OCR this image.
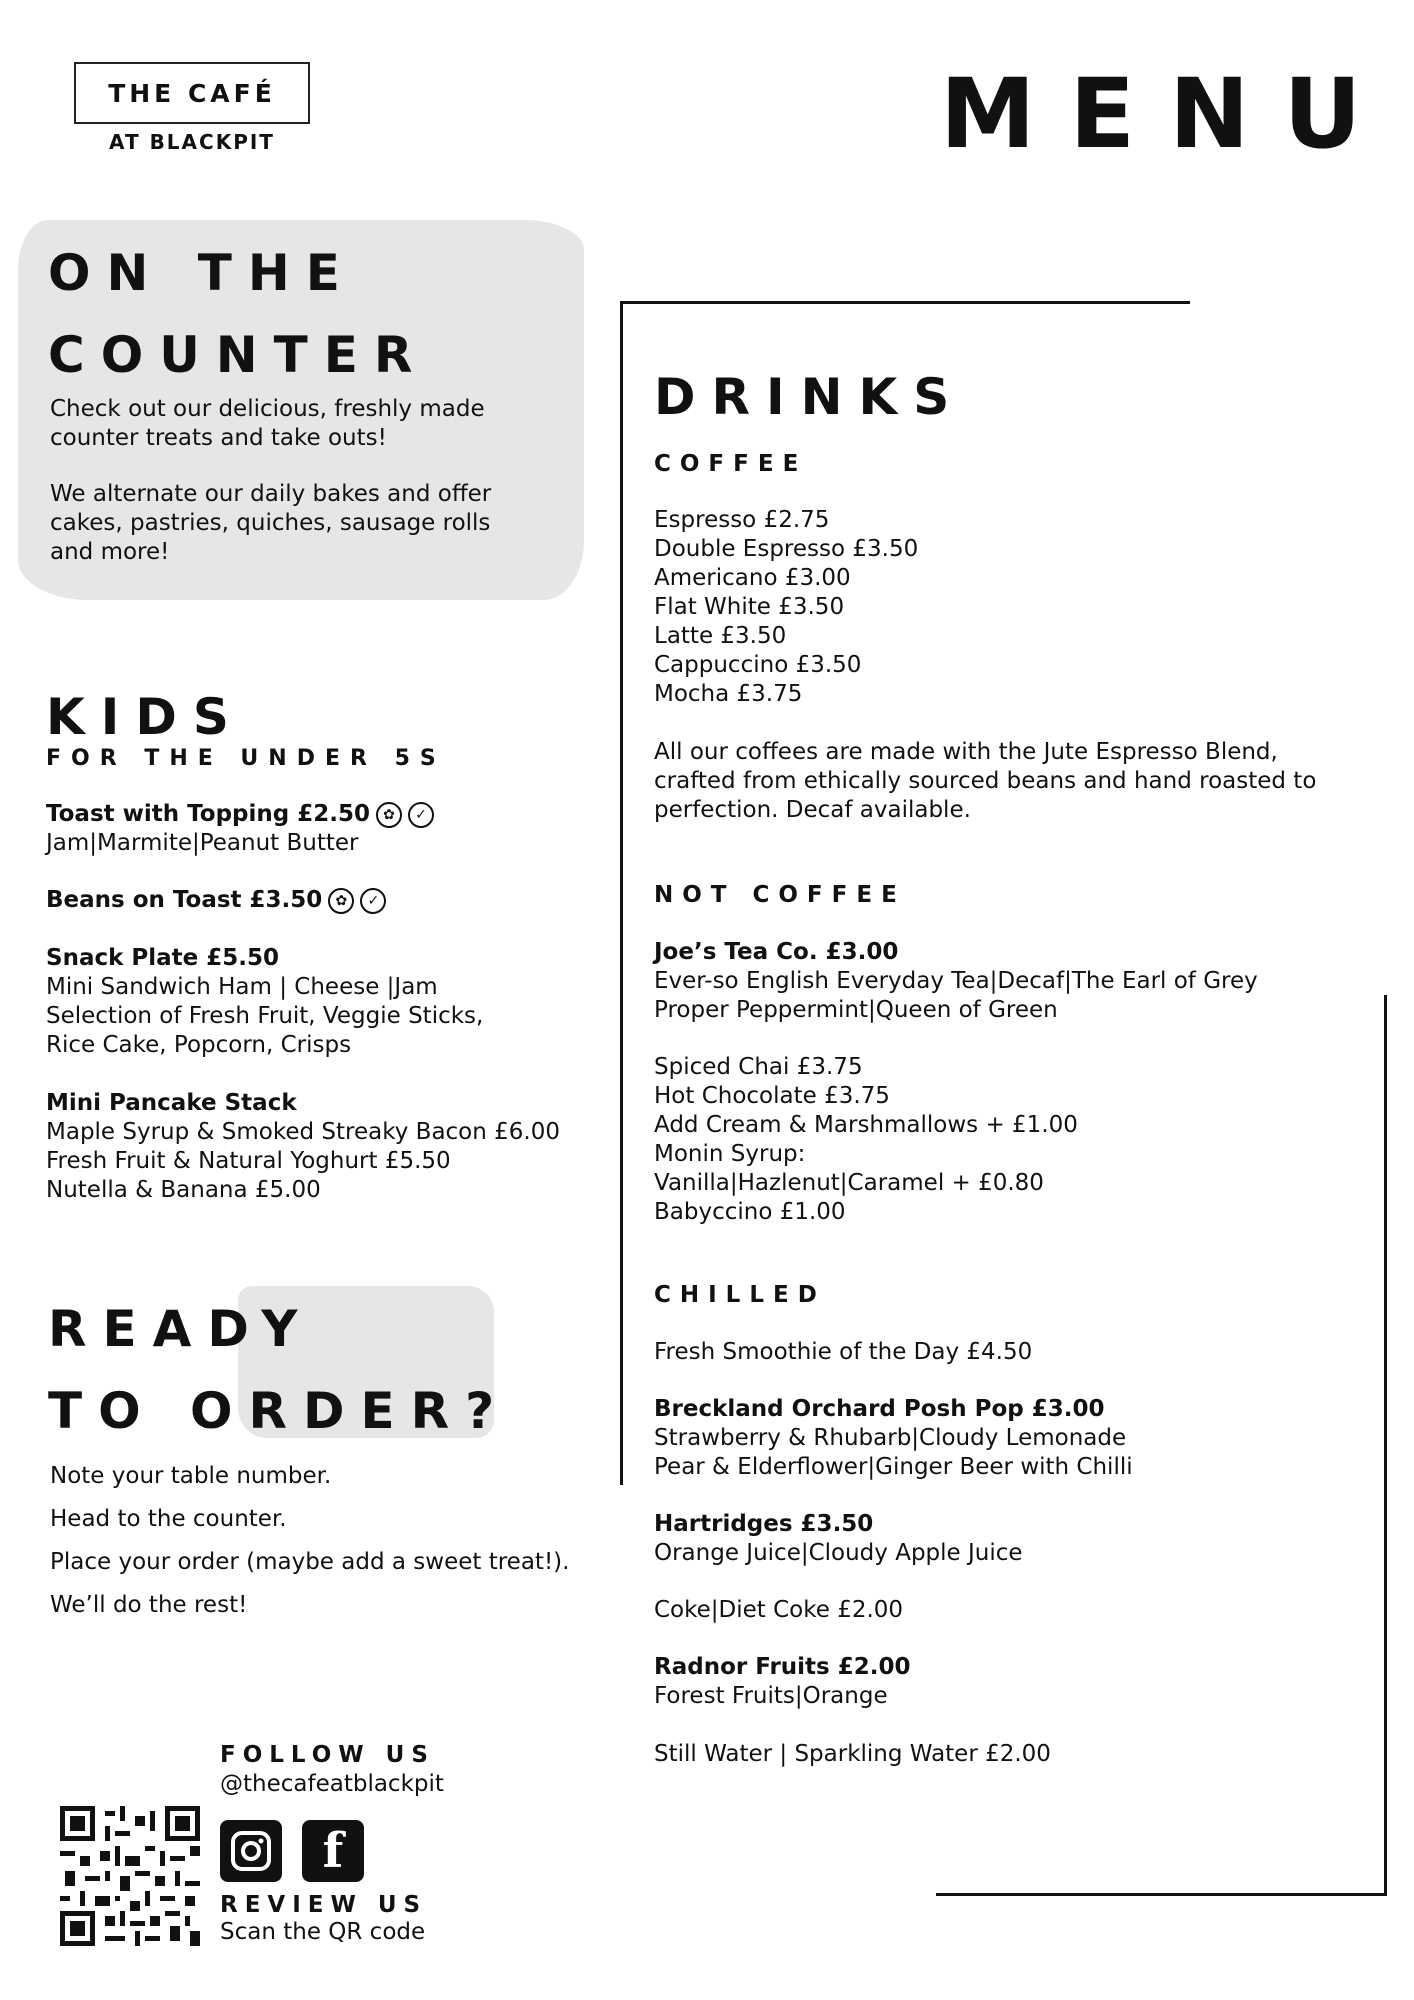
THE CAFÉ
AT BLACKPIT	MENU
ON THE
COUNTER
Check out our delicious, freshly made counter treats and take outs!
We alternate our daily bakes and offer
cakes, pastries, quiches, sausage rolls
and more!
KIDS
FOR THE UNDER 5S
Toast with Topping £2.50 ✿ ✓
Jam|Marmite|Peanut Butter
Beans on Toast £3.50 ✿ ✓
Snack Plate £5.50
Mini Sandwich Ham | Cheese |Jam
Selection of Fresh Fruit, Veggie Sticks,
Rice Cake, Popcorn, Crisps
Mini Pancake Stack
Maple Syrup & Smoked Streaky Bacon £6.00
Fresh Fruit & Natural Yoghurt £5.50
Nutella & Banana £5.00
READY
TO ORDER?
Note your table number.
Head to the counter.
Place your order (maybe add a sweet treat!).
We’ll do the rest!
FOLLOW US
@thecafeatblackpit
f
REVIEW US
Scan the QR code
DRINKS
COFFEE
Espresso £2.75
Double Espresso £3.50
Americano £3.00
Flat White £3.50
Latte £3.50
Cappuccino £3.50
Mocha £3.75
All our coffees are made with the Jute Espresso Blend,
crafted from ethically sourced beans and hand roasted to
perfection. Decaf available.
NOT COFFEE
Joe’s Tea Co. £3.00
Ever-so English Everyday Tea|Decaf|The Earl of Grey
Proper Peppermint|Queen of Green
Spiced Chai £3.75
Hot Chocolate £3.75
Add Cream & Marshmallows + £1.00
Monin Syrup:
Vanilla|Hazlenut|Caramel + £0.80
Babyccino £1.00
CHILLED
Fresh Smoothie of the Day £4.50
Breckland Orchard Posh Pop £3.00
Strawberry & Rhubarb|Cloudy Lemonade
Pear & Elderflower|Ginger Beer with Chilli
Hartridges £3.50
Orange Juice|Cloudy Apple Juice
Coke|Diet Coke £2.00
Radnor Fruits £2.00
Forest Fruits|Orange
Still Water | Sparkling Water £2.00
